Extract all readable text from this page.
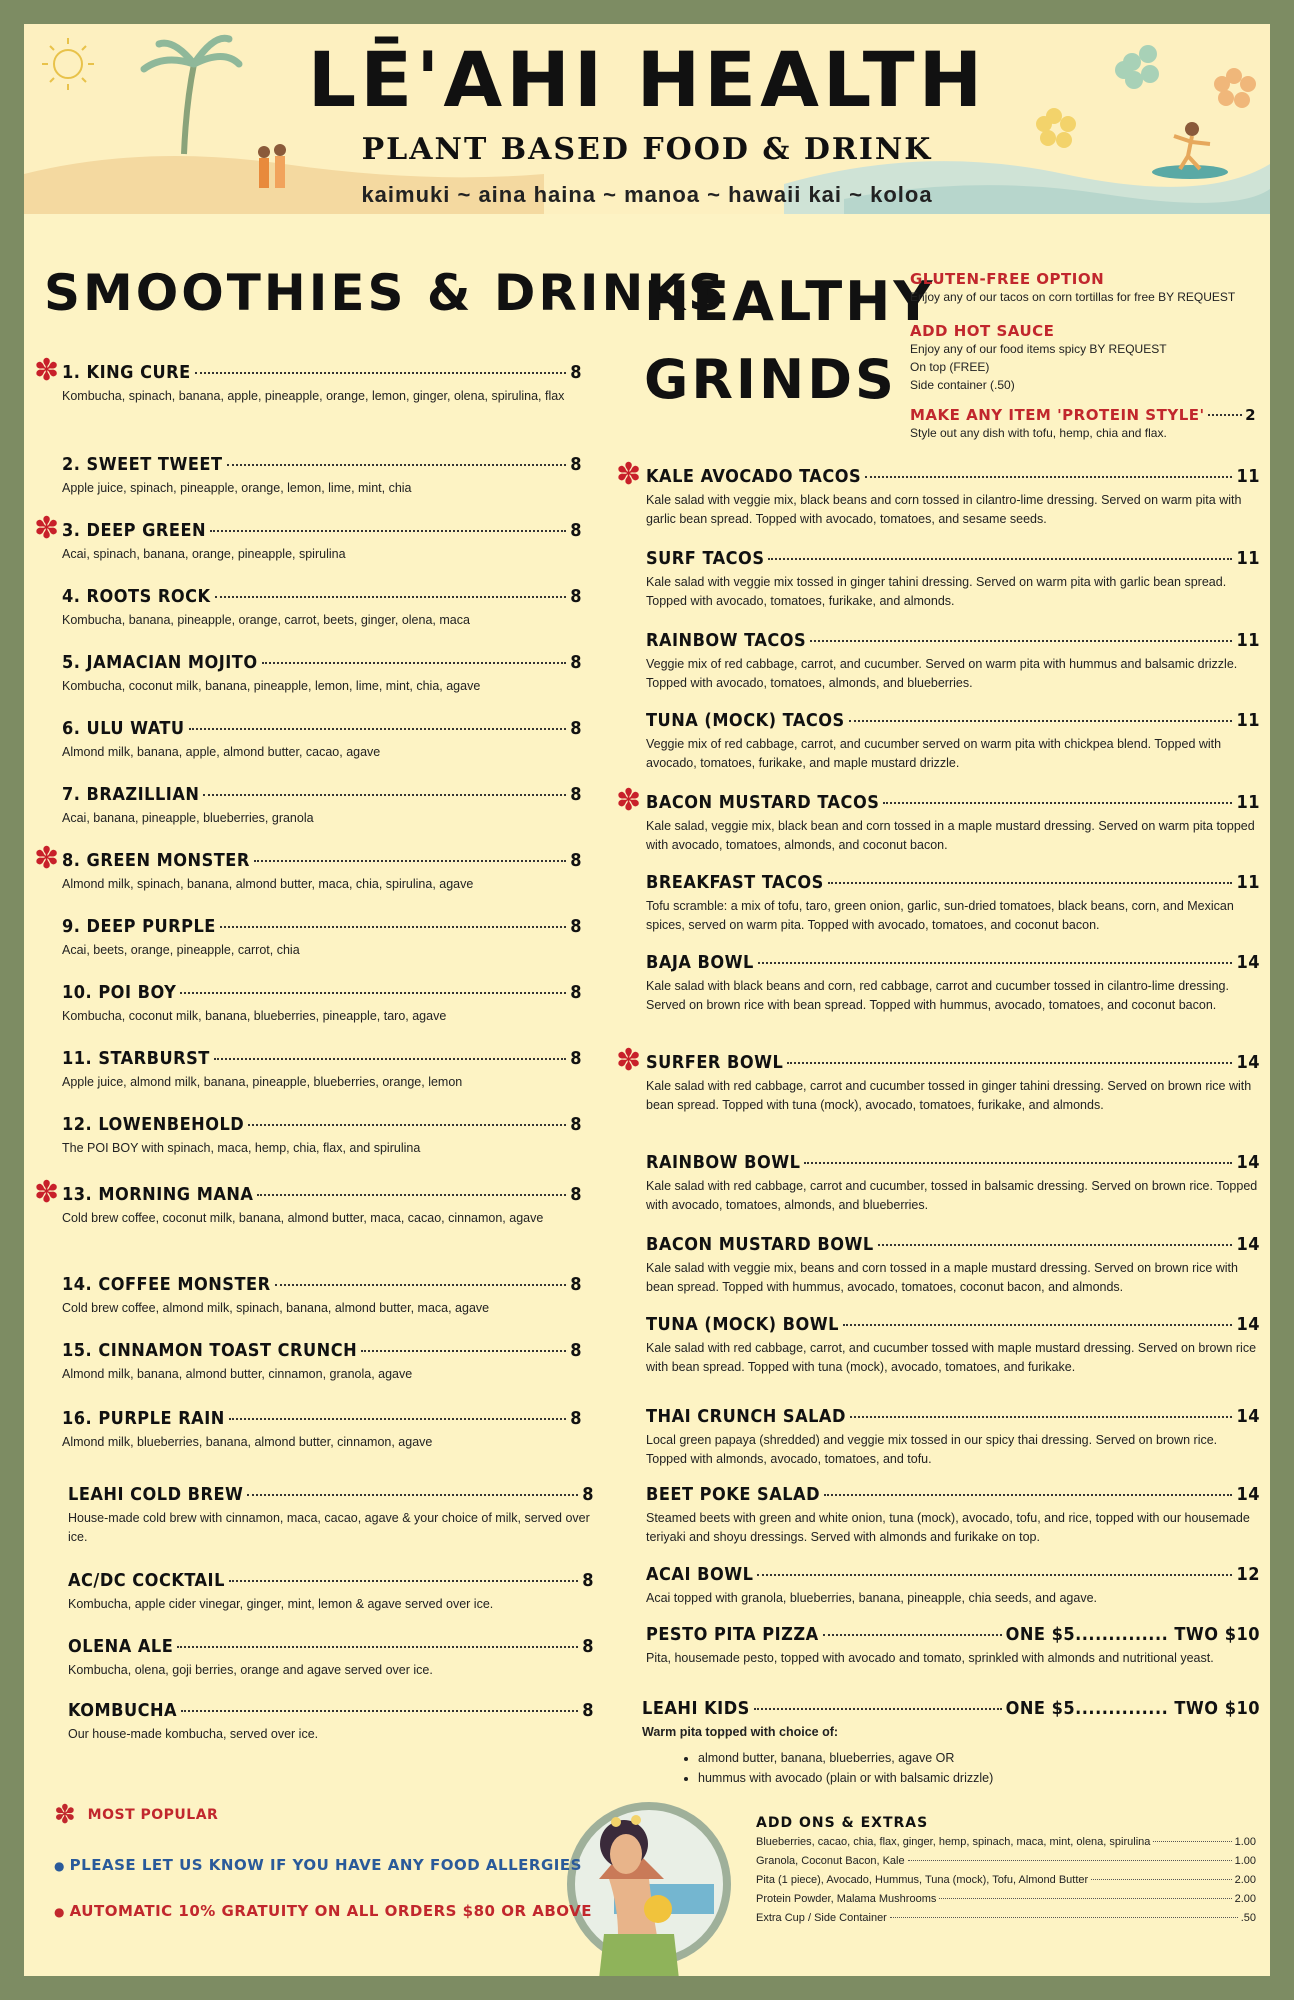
LĒ'AHI HEALTH
PLANT BASED FOOD & DRINK
kaimuki ~ aina haina ~ manoa ~ hawaii kai ~ koloa
SMOOTHIES & DRINKS
HEALTHY
GRINDS
GLUTEN-FREE OPTION
Enjoy any of our tacos on corn tortillas for free BY REQUEST
ADD HOT SAUCE
Enjoy any of our food items spicy BY REQUEST
On top (FREE)
Side container (.50)
MAKE ANY ITEM 'PROTEIN STYLE'	2
Style out any dish with tofu, hemp, chia and flax.
1. KING CURE	8
Kombucha, spinach, banana, apple, pineapple, orange, lemon, ginger, olena, spirulina, flax
✽
2. SWEET TWEET	8
Apple juice, spinach, pineapple, orange, lemon, lime, mint, chia
3. DEEP GREEN	8
Acai, spinach, banana, orange, pineapple, spirulina
✽
4. ROOTS ROCK	8
Kombucha, banana, pineapple, orange, carrot, beets, ginger, olena, maca
5. JAMACIAN MOJITO	8
Kombucha, coconut milk, banana, pineapple, lemon, lime, mint, chia, agave
6. ULU WATU	8
Almond milk, banana, apple, almond butter, cacao, agave
7. BRAZILLIAN	8
Acai, banana, pineapple, blueberries, granola
8. GREEN MONSTER	8
Almond milk, spinach, banana, almond butter, maca, chia, spirulina, agave
✽
9. DEEP PURPLE	8
Acai, beets, orange, pineapple, carrot, chia
10. POI BOY	8
Kombucha, coconut milk, banana, blueberries, pineapple, taro, agave
11. STARBURST	8
Apple juice, almond milk, banana, pineapple, blueberries, orange, lemon
12. LOWENBEHOLD	8
The POI BOY with spinach, maca, hemp, chia, flax, and spirulina
13. MORNING MANA	8
Cold brew coffee, coconut milk, banana, almond butter, maca, cacao, cinnamon, agave
✽
14. COFFEE MONSTER	8
Cold brew coffee, almond milk, spinach, banana, almond butter, maca, agave
15. CINNAMON TOAST CRUNCH	8
Almond milk, banana, almond butter, cinnamon, granola, agave
16. PURPLE RAIN	8
Almond milk, blueberries, banana, almond butter, cinnamon, agave
LEAHI COLD BREW	8
House-made cold brew with cinnamon, maca, cacao, agave & your choice of milk, served over ice.
AC/DC COCKTAIL	8
Kombucha, apple cider vinegar, ginger, mint, lemon & agave served over ice.
OLENA ALE	8
Kombucha, olena, goji berries, orange and agave served over ice.
KOMBUCHA	8
Our house-made kombucha, served over ice.
KALE AVOCADO TACOS	11
Kale salad with veggie mix, black beans and corn tossed in cilantro-lime dressing. Served on warm pita with garlic bean spread. Topped with avocado, tomatoes, and sesame seeds.
✽
SURF TACOS	11
Kale salad with veggie mix tossed in ginger tahini dressing. Served on warm pita with garlic bean spread. Topped with avocado, tomatoes, furikake, and almonds.
RAINBOW TACOS	11
Veggie mix of red cabbage, carrot, and cucumber. Served on warm pita with hummus and balsamic drizzle. Topped with avocado, tomatoes, almonds, and blueberries.
TUNA (MOCK) TACOS	11
Veggie mix of red cabbage, carrot, and cucumber served on warm pita with chickpea blend. Topped with avocado, tomatoes, furikake, and maple mustard drizzle.
BACON MUSTARD TACOS	11
Kale salad, veggie mix, black bean and corn tossed in a maple mustard dressing. Served on warm pita topped with avocado, tomatoes, almonds, and coconut bacon.
✽
BREAKFAST TACOS	11
Tofu scramble: a mix of tofu, taro, green onion, garlic, sun-dried tomatoes, black beans, corn, and Mexican spices, served on warm pita. Topped with avocado, tomatoes, and coconut bacon.
BAJA BOWL	14
Kale salad with black beans and corn, red cabbage, carrot and cucumber tossed in cilantro-lime dressing. Served on brown rice with bean spread. Topped with hummus, avocado, tomatoes, and coconut bacon.
SURFER BOWL	14
Kale salad with red cabbage, carrot and cucumber tossed in ginger tahini dressing. Served on brown rice with bean spread. Topped with tuna (mock), avocado, tomatoes, furikake, and almonds.
✽
RAINBOW BOWL	14
Kale salad with red cabbage, carrot and cucumber, tossed in balsamic dressing. Served on brown rice. Topped with avocado, tomatoes, almonds, and blueberries.
BACON MUSTARD BOWL	14
Kale salad with veggie mix, beans and corn tossed in a maple mustard dressing. Served on brown rice with bean spread. Topped with hummus, avocado, tomatoes, coconut bacon, and almonds.
TUNA (MOCK) BOWL	14
Kale salad with red cabbage, carrot, and cucumber tossed with maple mustard dressing. Served on brown rice with bean spread. Topped with tuna (mock), avocado, tomatoes, and furikake.
THAI CRUNCH SALAD	14
Local green papaya (shredded) and veggie mix tossed in our spicy thai dressing. Served on brown rice. Topped with almonds, avocado, tomatoes, and tofu.
BEET POKE SALAD	14
Steamed beets with green and white onion, tuna (mock), avocado, tofu, and rice, topped with our housemade teriyaki and shoyu dressings. Served with almonds and furikake on top.
ACAI BOWL	12
Acai topped with granola, blueberries, banana, pineapple, chia seeds, and agave.
PESTO PITA PIZZA	ONE $5.............. TWO $10
Pita, housemade pesto, topped with avocado and tomato, sprinkled with almonds and nutritional yeast.
LEAHI KIDS	ONE $5.............. TWO $10
Warm pita topped with choice of:
• almond butter, banana, blueberries, agave OR
• hummus with avocado (plain or with balsamic drizzle)
ADD ONS & EXTRAS
Blueberries, cacao, chia, flax, ginger, hemp, spinach, maca, mint, olena, spirulina	1.00
Granola, Coconut Bacon, Kale	1.00
Pita (1 piece), Avocado, Hummus, Tuna (mock), Tofu, Almond Butter	2.00
Protein Powder, Malama Mushrooms	2.00
Extra Cup / Side Container	.50
✽ MOST POPULAR
● PLEASE LET US KNOW IF YOU HAVE ANY FOOD ALLERGIES
● AUTOMATIC 10% GRATUITY ON ALL ORDERS $80 OR ABOVE
